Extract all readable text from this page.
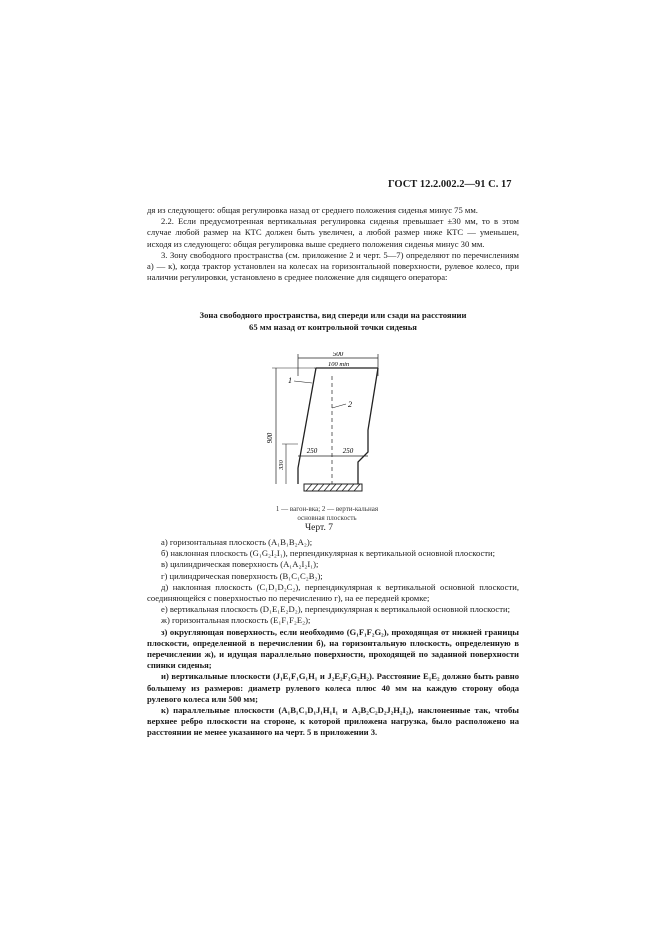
ГОСТ 12.2.002.2—91 С. 17

дя из следующего: общая регулировка назад от среднего положения сиденья минус 75 мм.

2.2. Если предусмотренная вертикальная регулировка сиденья превышает ±30 мм, то в этом случае любой размер на КТС должен быть увеличен, а любой размер ниже КТС — уменьшен, исходя из следующего: общая регулировка выше среднего положения сиденья минус 30 мм.

3. Зону свободного пространства (см. приложение 2 и черт. 5—7) определяют по перечислениям а) — к), когда трактор установлен на колесах на горизонтальной поверхности, рулевое колесо, при наличии регулировки, установлено в среднее положение для сидящего оператора:

Зона свободного пространства, вид спереди или сзади на расстоянии
65 мм назад от контрольной точки сиденья
500
100 min
250	250
900
330
1
2
1 — вагон-вка; 2 — верти-кальная основная плоскость
Черт. 7

а) горизонтальная плоскость (A₁B₁B₂A₂);

б) наклонная плоскость (G₁G₂I₂I₁), перпендикулярная к вертикальной основной плоскости;

в) цилиндрическая поверхность (A₁A₂I₂I₁);

г) цилиндрическая поверхность (B₁C₁C₂B₂);

д) наклонная плоскость (C₁D₁D₂C₂), перпендикулярная к вертикальной основной плоскости, соединяющейся с поверхностью по перечислению г), на ее передней кромке;

е) вертикальная плоскость (D₁E₁E₂D₂), перпендикулярная к вертикальной основной плоскости;

ж) горизонтальная плоскость (E₁F₁F₂E₂);

з) округляющая поверхность, если необходимо (G₁F₁F₂G₂), проходящая от нижней границы плоскости, определенной в перечислении б), на горизонтальную плоскость, определенную в перечислении ж), и идущая параллельно поверхности, проходящей по заданной поверхности спинки сиденья;

и) вертикальные плоскости (J₁E₁F₁G₁H₁ и J₂E₂F₂G₂H₂). Расстояние E₁E₂ должно быть равно большему из размеров: диаметр рулевого колеса плюс 40 мм на каждую сторону обода рулевого колеса или 500 мм;

к) параллельные плоскости (A₁B₁C₁D₁J₁H₁I₁ и A₂B₂C₂D₂J₂H₂I₂), наклоненные так, чтобы верхнее ребро плоскости на стороне, к которой приложена нагрузка, было расположено на расстоянии не менее указанного на черт. 5 в приложении 3.
